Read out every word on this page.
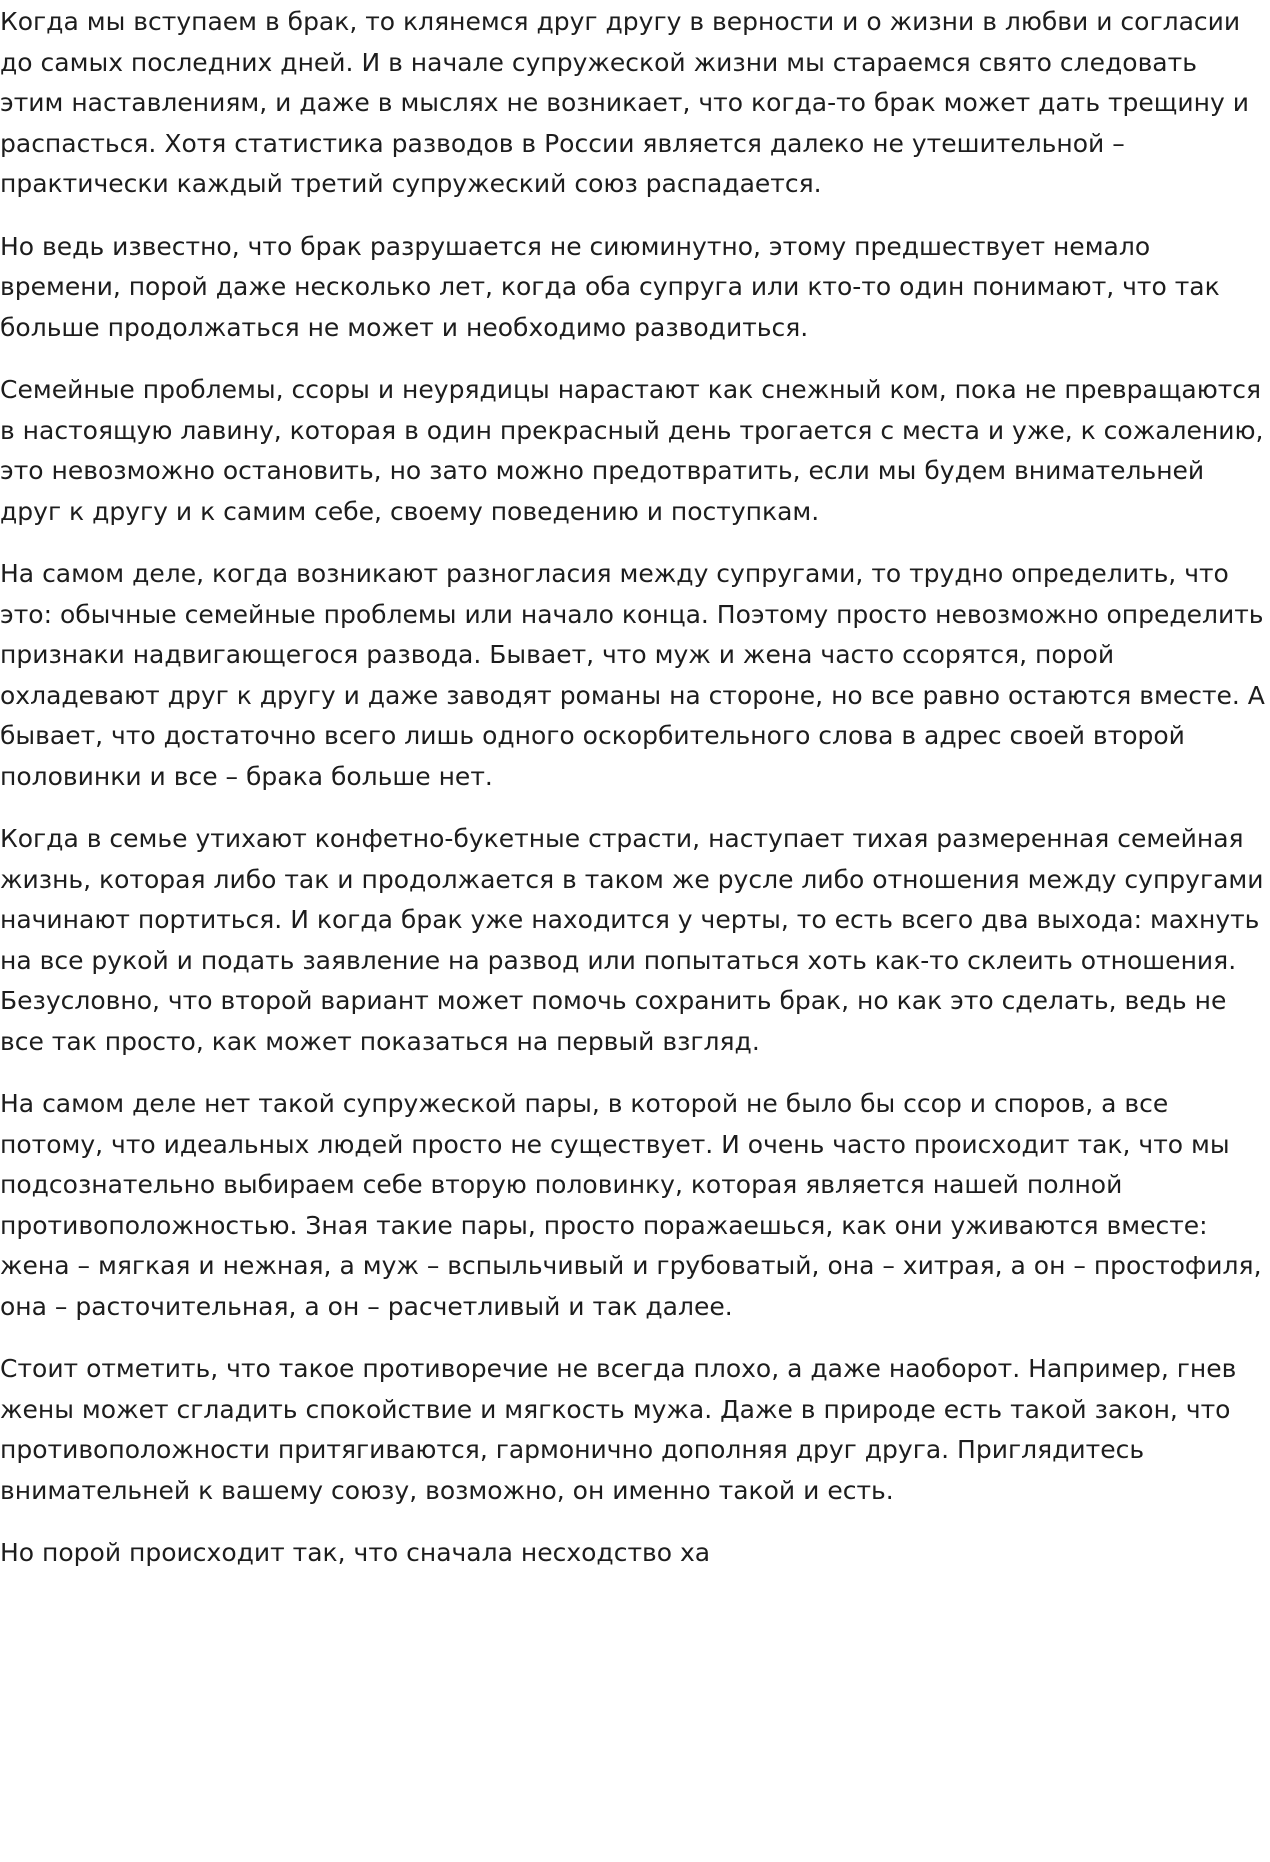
Когда мы вступаем в брак, то клянемся друг другу в верности и о жизни в любви и согласии до самых последних дней. И в начале супружеской жизни мы стараемся свято следовать этим наставлениям, и даже в мыслях не возникает, что когда-то брак может дать трещину и распасться. Хотя статистика разводов в России является далеко не утешительной – практически каждый третий супружеский союз распадается.

Но ведь известно, что брак разрушается не сиюминутно, этому предшествует немало времени, порой даже несколько лет, когда оба супруга или кто-то один понимают, что так больше продолжаться не может и необходимо разводиться.

Семейные проблемы, ссоры и неурядицы нарастают как снежный ком, пока не превращаются в настоящую лавину, которая в один прекрасный день трогается с места и уже, к сожалению, это невозможно остановить, но зато можно предотвратить, если мы будем внимательней друг к другу и к самим себе, своему поведению и поступкам.

На самом деле, когда возникают разногласия между супругами, то трудно определить, что это: обычные семейные проблемы или начало конца. Поэтому просто невозможно определить признаки надвигающегося развода. Бывает, что муж и жена часто ссорятся, порой охладевают друг к другу и даже заводят романы на стороне, но все равно остаются вместе. А бывает, что достаточно всего лишь одного оскорбительного слова в адрес своей второй половинки и все – брака больше нет.

Когда в семье утихают конфетно-букетные страсти, наступает тихая размеренная семейная жизнь, которая либо так и продолжается в таком же русле либо отношения между супругами начинают портиться. И когда брак уже находится у черты, то есть всего два выхода: махнуть на все рукой и подать заявление на развод или попытаться хоть как-то склеить отношения. Безусловно, что второй вариант может помочь сохранить брак, но как это сделать, ведь не все так просто, как может показаться на первый взгляд.

На самом деле нет такой супружеской пары, в которой не было бы ссор и споров, а все потому, что идеальных людей просто не существует. И очень часто происходит так, что мы подсознательно выбираем себе вторую половинку, которая является нашей полной противоположностью. Зная такие пары, просто поражаешься, как они уживаются вместе: жена – мягкая и нежная, а муж – вспыльчивый и грубоватый, она – хитрая, а он – простофиля, она – расточительная, а он – расчетливый и так далее.

Стоит отметить, что такое противоречие не всегда плохо, а даже наоборот. Например, гнев жены может сгладить спокойствие и мягкость мужа. Даже в природе есть такой закон, что противоположности притягиваются, гармонично дополняя друг друга. Приглядитесь внимательней к вашему союзу, возможно, он именно такой и есть.

Но порой происходит так, что сначала несходство ха
